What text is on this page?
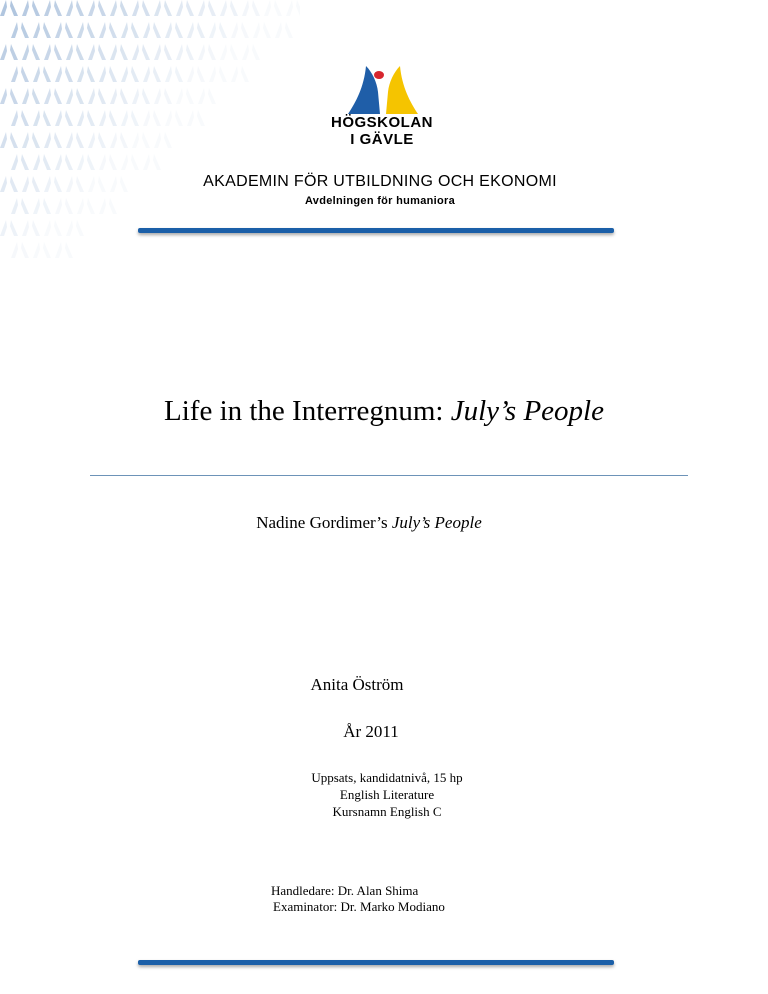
HÖGSKOLAN
I GÄVLE
AKADEMIN FÖR UTBILDNING OCH EKONOMI
Avdelningen för humaniora
Life in the Interregnum: July’s People
Nadine Gordimer’s July’s People
Anita Öström
År 2011
Uppsats, kandidatnivå, 15 hp
English Literature
Kursnamn English C
Handledare: Dr. Alan Shima
Examinator: Dr. Marko Modiano
